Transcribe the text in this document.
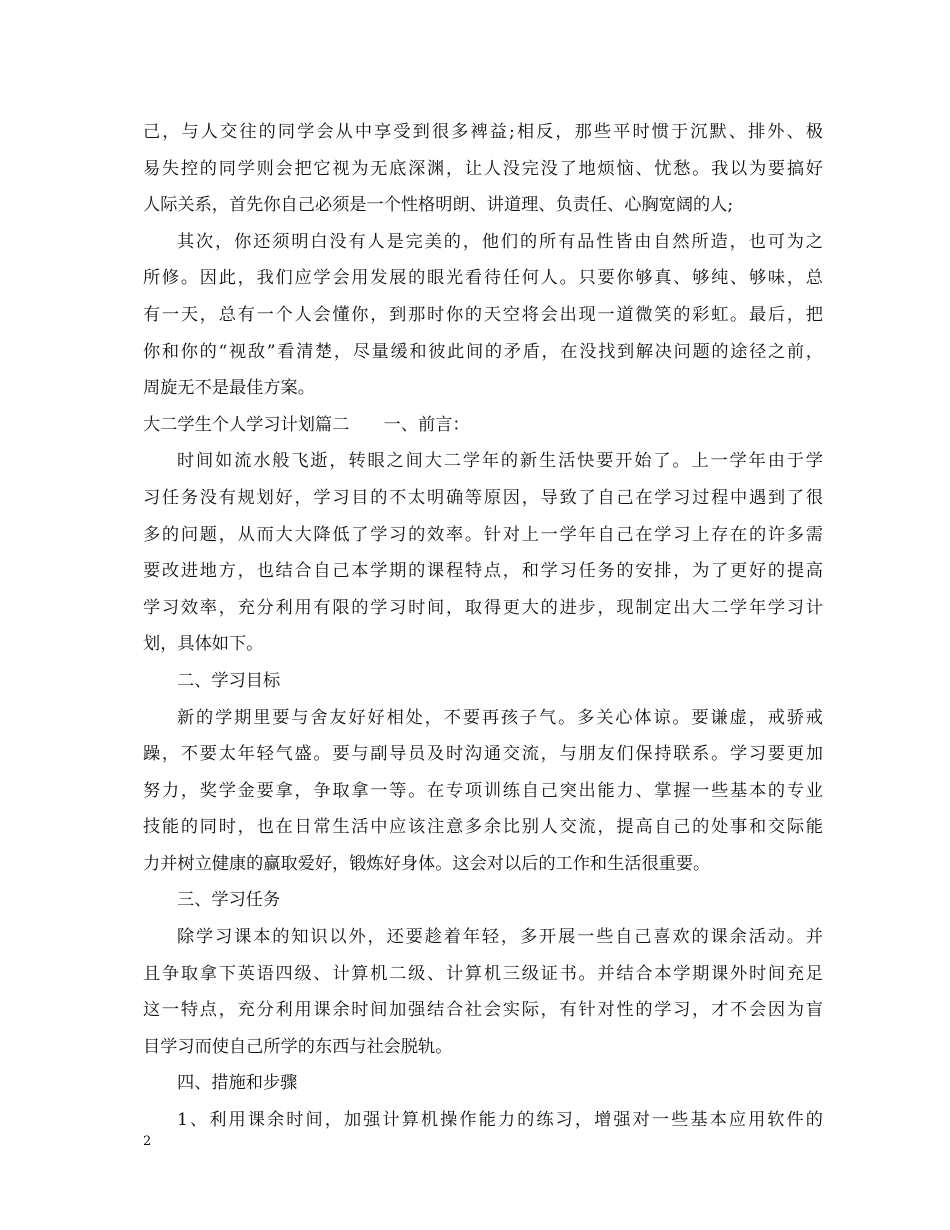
己，与人交往的同学会从中享受到很多裨益;相反，那些平时惯于沉默、排外、极
易失控的同学则会把它视为无底深渊，让人没完没了地烦恼、忧愁。我以为要搞好
人际关系，首先你自己必须是一个性格明朗、讲道理、负责任、心胸宽阔的人;
其次，你还须明白没有人是完美的，他们的所有品性皆由自然所造，也可为之
所修。因此，我们应学会用发展的眼光看待任何人。只要你够真、够纯、够味，总
有一天，总有一个人会懂你，到那时你的天空将会出现一道微笑的彩虹。最后，把
你和你的“视敌”看清楚，尽量缓和彼此间的矛盾，在没找到解决问题的途径之前，
周旋无不是最佳方案。
大二学生个人学习计划篇二　　一、前言：
时间如流水般飞逝，转眼之间大二学年的新生活快要开始了。上一学年由于学
习任务没有规划好，学习目的不太明确等原因，导致了自己在学习过程中遇到了很
多的问题，从而大大降低了学习的效率。针对上一学年自己在学习上存在的许多需
要改进地方，也结合自己本学期的课程特点，和学习任务的安排，为了更好的提高
学习效率，充分利用有限的学习时间，取得更大的进步，现制定出大二学年学习计
划，具体如下。
二、学习目标
新的学期里要与舍友好好相处，不要再孩子气。多关心体谅。要谦虚，戒骄戒
躁，不要太年轻气盛。要与副导员及时沟通交流，与朋友们保持联系。学习要更加
努力，奖学金要拿，争取拿一等。在专项训练自己突出能力、掌握一些基本的专业
技能的同时，也在日常生活中应该注意多余比别人交流，提高自己的处事和交际能
力并树立健康的赢取爱好，锻炼好身体。这会对以后的工作和生活很重要。
三、学习任务
除学习课本的知识以外，还要趁着年轻，多开展一些自己喜欢的课余活动。并
且争取拿下英语四级、计算机二级、计算机三级证书。并结合本学期课外时间充足
这一特点，充分利用课余时间加强结合社会实际，有针对性的学习，才不会因为盲
目学习而使自己所学的东西与社会脱轨。
四、措施和步骤
1、利用课余时间，加强计算机操作能力的练习，增强对一些基本应用软件的
2
